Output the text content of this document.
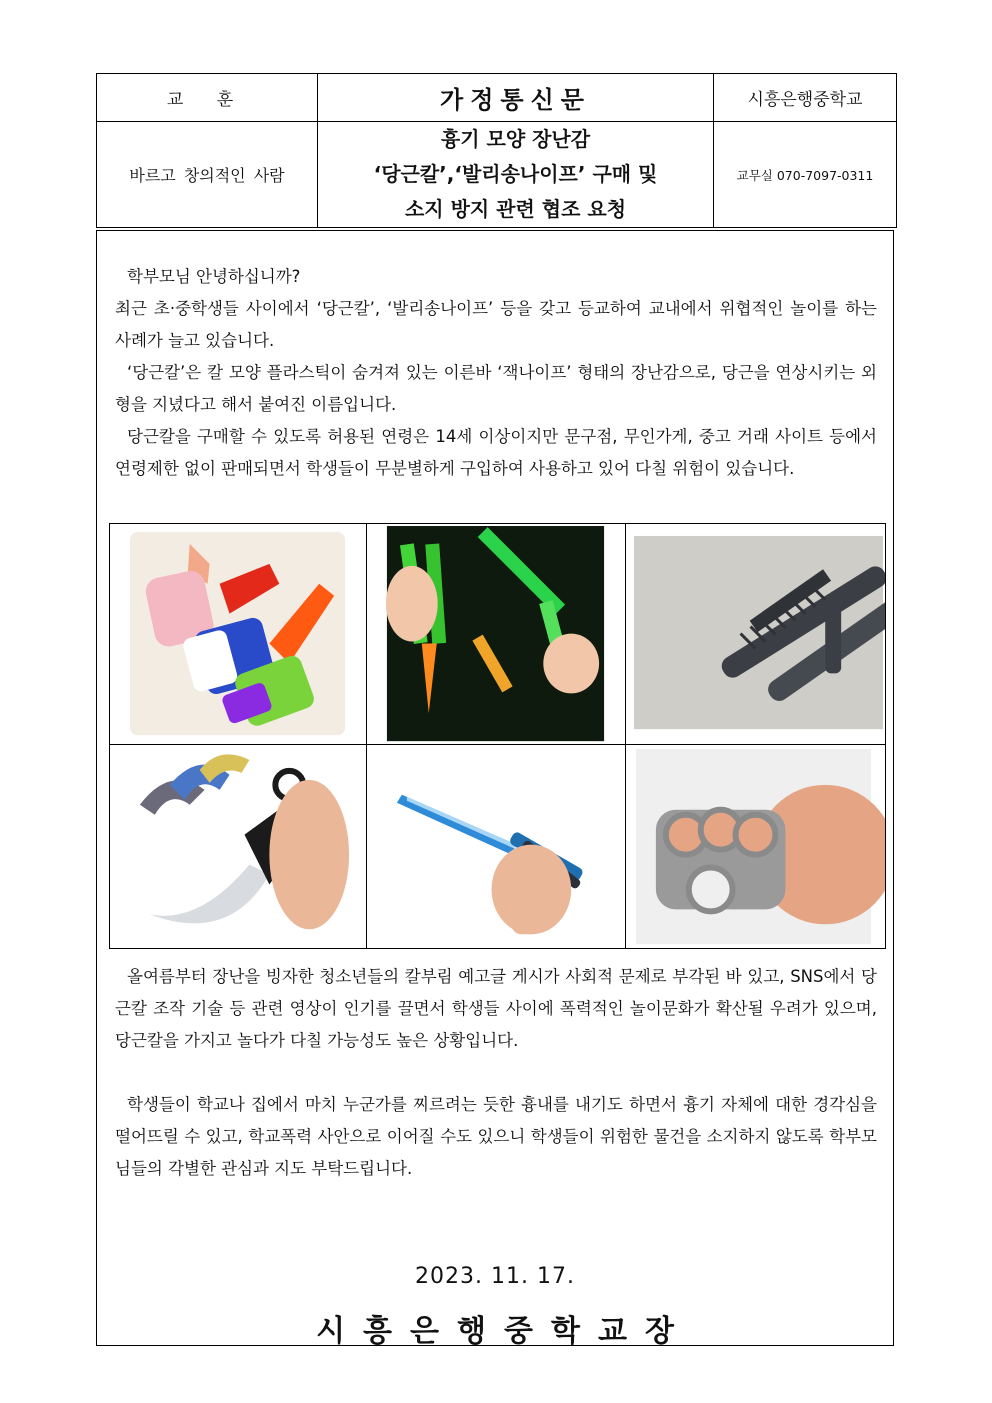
교 훈	가정통신문	시흥은행중학교
바르고 창의적인 사람	흉기 모양 장난감
‘당근칼’,‘발리송나이프’ 구매 및
소지 방지 관련 협조 요청	교무실 070-7097-0311

학부모님 안녕하십니까?

최근 초·중학생들 사이에서 ‘당근칼’, ‘발리송나이프’ 등을 갖고 등교하여 교내에서 위협적인 놀이를 하는 사례가 늘고 있습니다.

‘당근칼’은 칼 모양 플라스틱이 숨겨져 있는 이른바 ‘잭나이프’ 형태의 장난감으로, 당근을 연상시키는 외형을 지녔다고 해서 붙여진 이름입니다.

당근칼을 구매할 수 있도록 허용된 연령은 14세 이상이지만 문구점, 무인가게, 중고 거래 사이트 등에서 연령제한 없이 판매되면서 학생들이 무분별하게 구입하여 사용하고 있어 다칠 위험이 있습니다.

올여름부터 장난을 빙자한 청소년들의 칼부림 예고글 게시가 사회적 문제로 부각된 바 있고, SNS에서 당근칼 조작 기술 등 관련 영상이 인기를 끌면서 학생들 사이에 폭력적인 놀이문화가 확산될 우려가 있으며, 당근칼을 가지고 놀다가 다칠 가능성도 높은 상황입니다.

학생들이 학교나 집에서 마치 누군가를 찌르려는 듯한 흉내를 내기도 하면서 흉기 자체에 대한 경각심을 떨어뜨릴 수 있고, 학교폭력 사안으로 이어질 수도 있으니 학생들이 위험한 물건을 소지하지 않도록 학부모님들의 각별한 관심과 지도 부탁드립니다.

2023. 11. 17.
시흥은행중학교장
